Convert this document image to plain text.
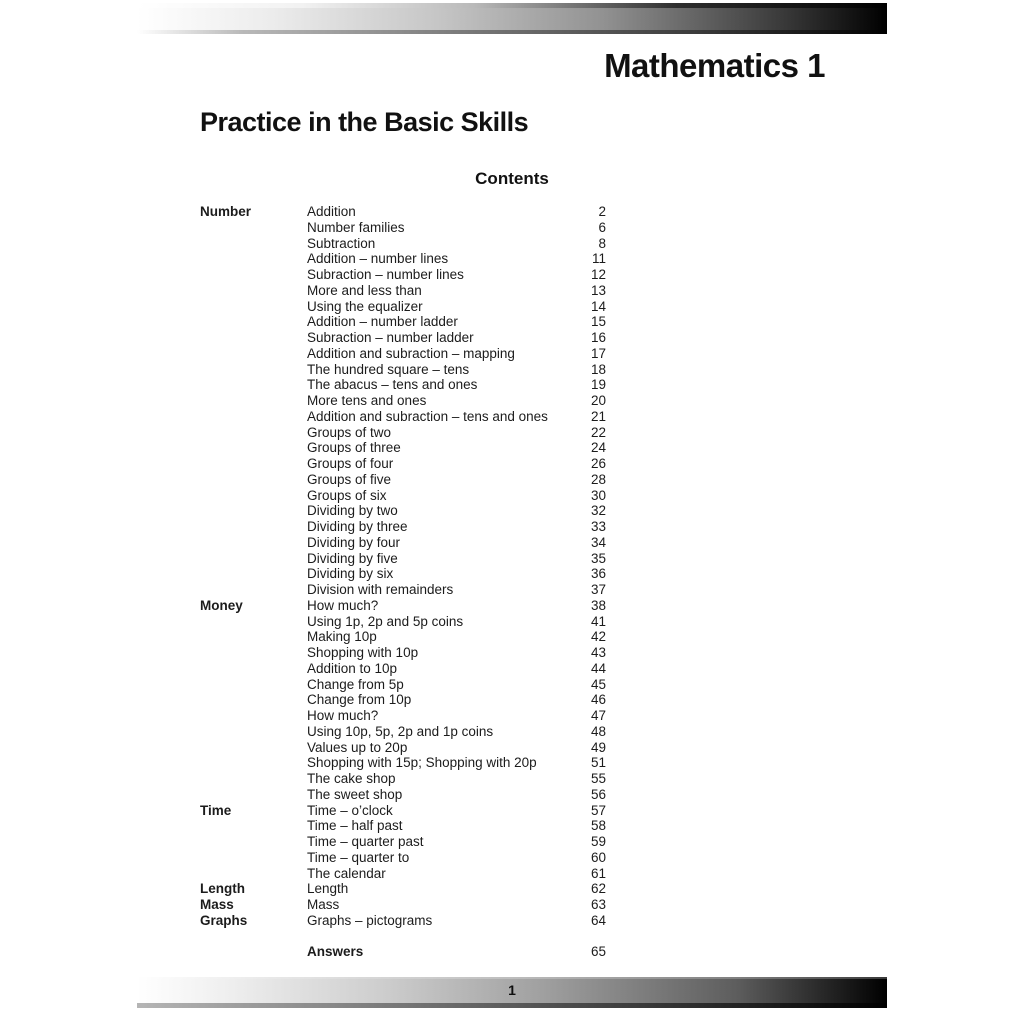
Mathematics 1
Practice in the Basic Skills
Contents
Number	Addition	2
Number families	6
Subtraction	8
Addition – number lines	11
Subraction – number lines	12
More and less than	13
Using the equalizer	14
Addition – number ladder	15
Subraction – number ladder	16
Addition and subraction – mapping	17
The hundred square – tens	18
The abacus – tens and ones	19
More tens and ones	20
Addition and subraction – tens and ones	21
Groups of two	22
Groups of three	24
Groups of four	26
Groups of five	28
Groups of six	30
Dividing by two	32
Dividing by three	33
Dividing by four	34
Dividing by five	35
Dividing by six	36
Division with remainders	37
Money	How much?	38
Using 1p, 2p and 5p coins	41
Making 10p	42
Shopping with 10p	43
Addition to 10p	44
Change from 5p	45
Change from 10p	46
How much?	47
Using 10p, 5p, 2p and 1p coins	48
Values up to 20p	49
Shopping with 15p; Shopping with 20p	51
The cake shop	55
The sweet shop	56
Time	Time – o’clock	57
Time – half past	58
Time – quarter past	59
Time – quarter to	60
The calendar	61
Length	Length	62
Mass	Mass	63
Graphs	Graphs – pictograms	64
Answers	65
1
